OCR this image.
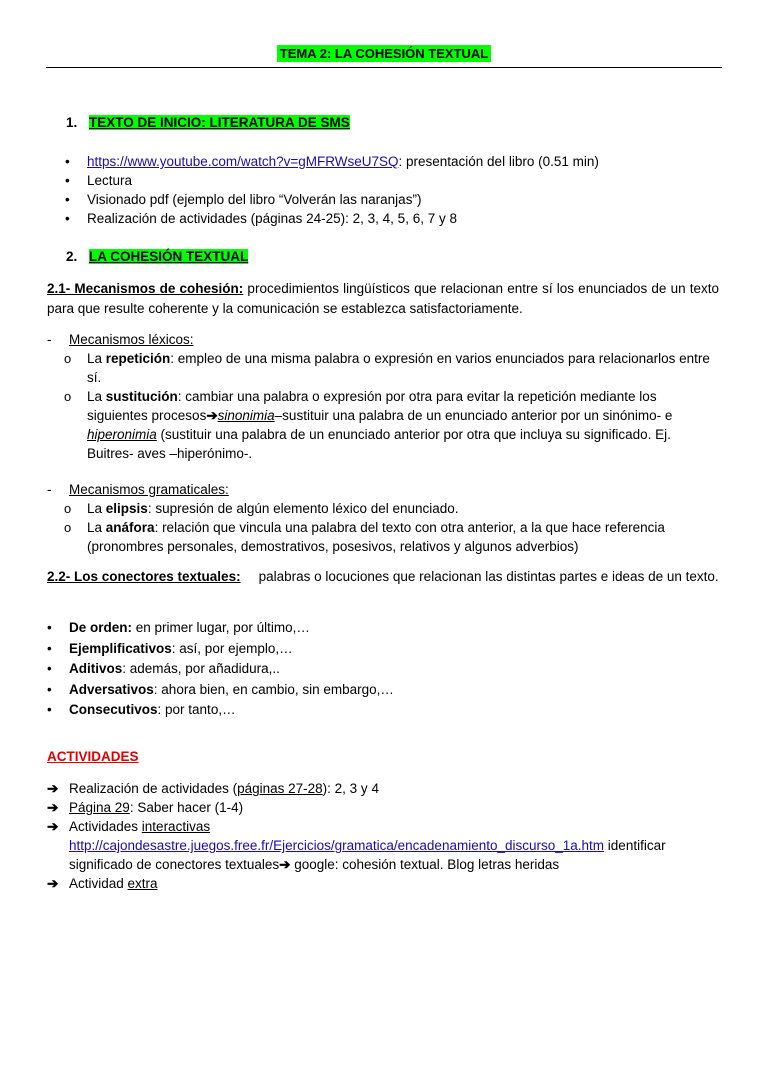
TEMA 2: LA COHESIÓN TEXTUAL
1. TEXTO DE INICIO: LITERATURA DE SMS
• https://www.youtube.com/watch?v=gMFRWseU7SQ: presentación del libro (0.51 min)
• Lectura
• Visionado pdf (ejemplo del libro “Volverán las naranjas”)
• Realización de actividades (páginas 24-25): 2, 3, 4, 5, 6, 7 y 8
2. LA COHESIÓN TEXTUAL
2.1- Mecanismos de cohesión: procedimientos lingüísticos que relacionan entre sí los enunciados de un texto para que resulte coherente y la comunicación se establezca satisfactoriamente.
- Mecanismos léxicos:
o La repetición: empleo de una misma palabra o expresión en varios enunciados para relacionarlos entre sí.
o La sustitución: cambiar una palabra o expresión por otra para evitar la repetición mediante los siguientes procesos➔sinonimia–sustituir una palabra de un enunciado anterior por un sinónimo- e hiperonimia (sustituir una palabra de un enunciado anterior por otra que incluya su significado. Ej. Buitres- aves –hiperónimo-.
- Mecanismos gramaticales:
o La elipsis: supresión de algún elemento léxico del enunciado.
o La anáfora: relación que vincula una palabra del texto con otra anterior, a la que hace referencia (pronombres personales, demostrativos, posesivos, relativos y algunos adverbios)
2.2- Los conectores textuales: palabras o locuciones que relacionan las distintas partes e ideas de un texto.
• De orden: en primer lugar, por último,…
• Ejemplificativos: así, por ejemplo,…
• Aditivos: además, por añadidura,..
• Adversativos: ahora bien, en cambio, sin embargo,…
• Consecutivos: por tanto,…
ACTIVIDADES
➔ Realización de actividades (páginas 27-28): 2, 3 y 4
➔ Página 29: Saber hacer (1-4)
➔ Actividades interactivas
http://cajondesastre.juegos.free.fr/Ejercicios/gramatica/encadenamiento_discurso_1a.htm identificar significado de conectores textuales➔ google: cohesión textual. Blog letras heridas
➔ Actividad extra
